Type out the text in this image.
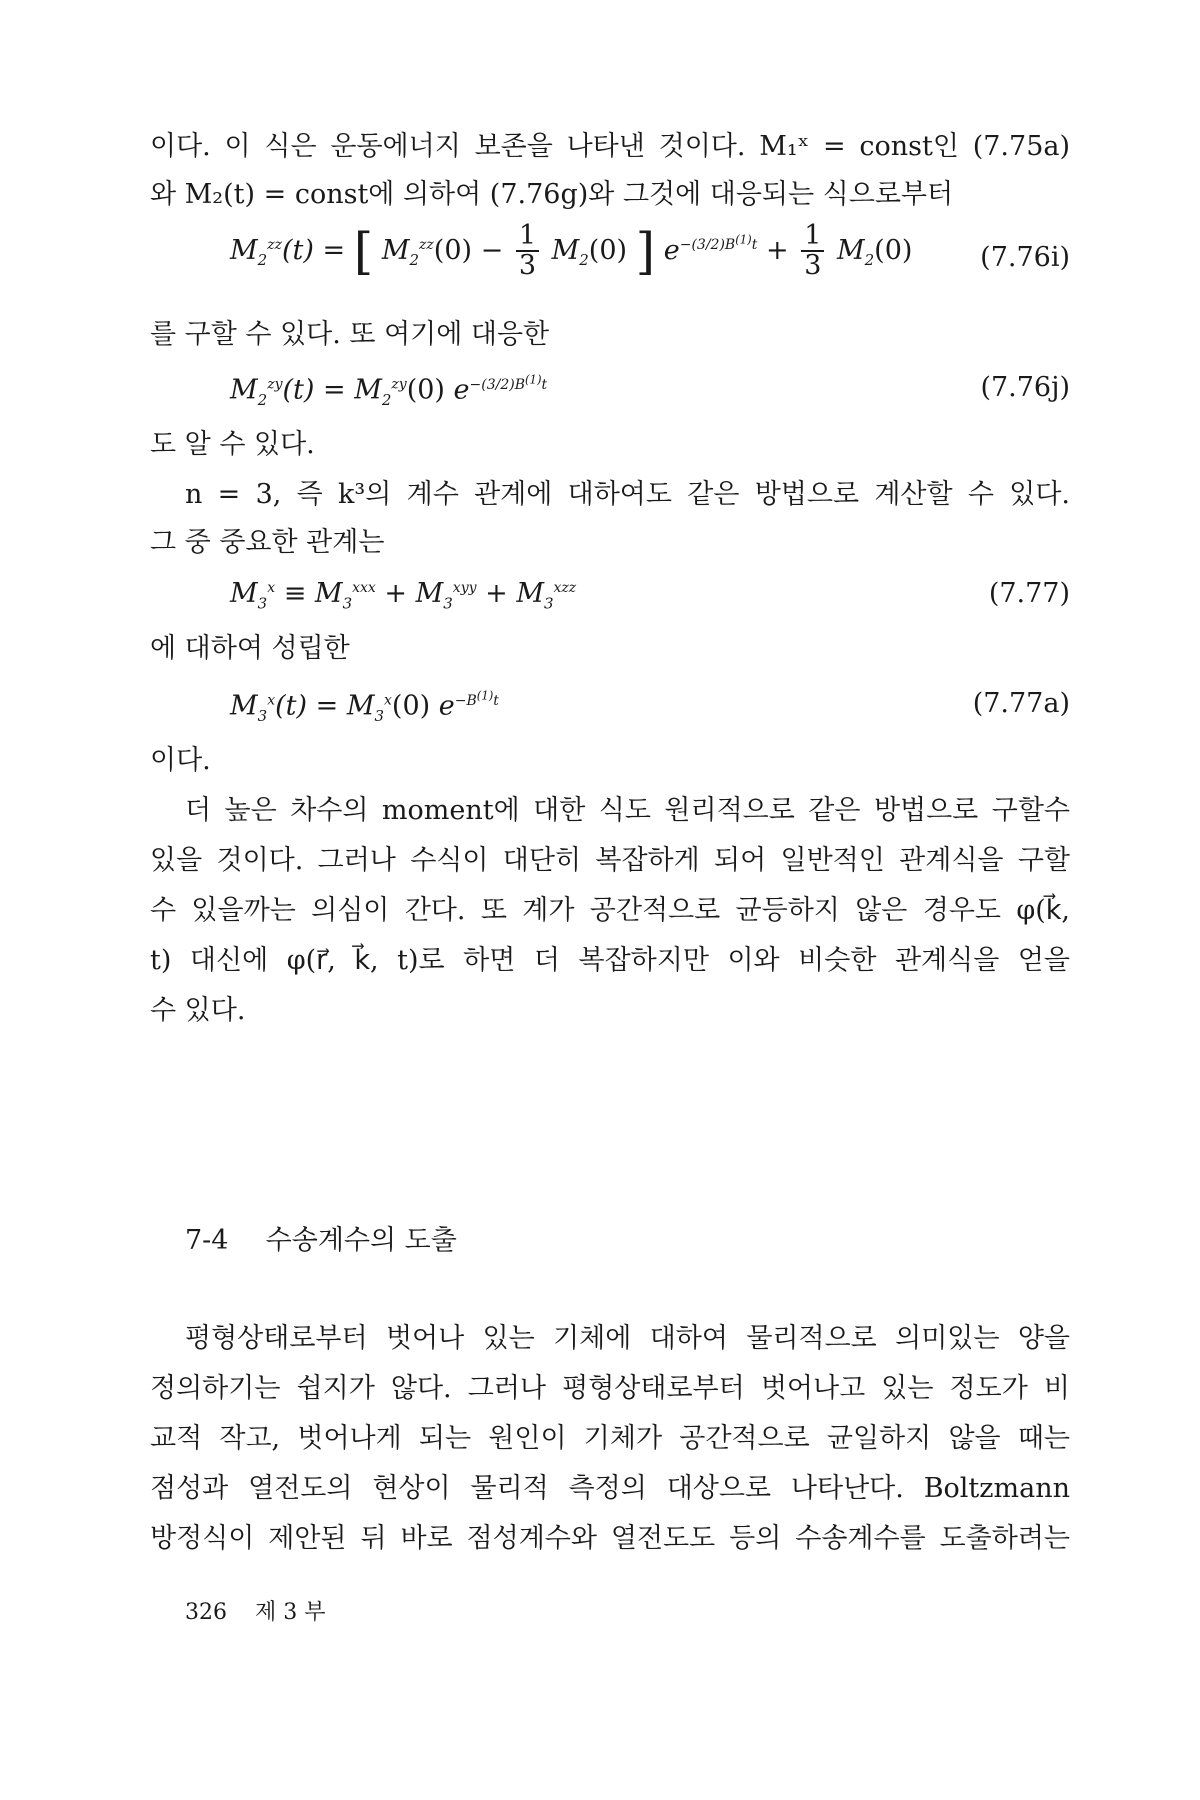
이다. 이 식은 운동에너지 보존을 나타낸 것이다. M₁ˣ = const인 (7.75a)
와 M₂(t) = const에 의하여 (7.76g)와 그것에 대응되는 식으로부터
$M_2^{zz}(t)$ = [ $M_2^{zz}(0) - \frac{1}{3} M_2(0)$ ] $e^{-(3/2)B^{(1)}t} + \frac{1}{3} M_2(0)$	(7.76i)
를 구할 수 있다. 또 여기에 대응한
$M_2^{zy}(t) = M_2^{zy}(0)$ $e^{-(3/2)B^{(1)}t}$	(7.76j)
도 알 수 있다.
n = 3, 즉 k³의 계수 관계에 대하여도 같은 방법으로 계산할 수 있다.
그 중 중요한 관계는
$M_3^x \equiv M_3^{xxx} + M_3^{xyy} + M_3^{xzz}$	(7.77)
에 대하여 성립한
$M_3^x(t) = M_3^x(0)$ $e^{-B^{(1)}t}$	(7.77a)
이다.
더 높은 차수의 moment에 대한 식도 원리적으로 같은 방법으로 구할수
있을 것이다. 그러나 수식이 대단히 복잡하게 되어 일반적인 관계식을 구할
수 있을까는 의심이 간다. 또 계가 공간적으로 균등하지 않은 경우도 φ(k⃗,
t) 대신에 φ(r⃗, k⃗, t)로 하면 더 복잡하지만 이와 비슷한 관계식을 얻을
수 있다.
7-4 수송계수의 도출
평형상태로부터 벗어나 있는 기체에 대하여 물리적으로 의미있는 양을
정의하기는 쉽지가 않다. 그러나 평형상태로부터 벗어나고 있는 정도가 비
교적 작고, 벗어나게 되는 원인이 기체가 공간적으로 균일하지 않을 때는
점성과 열전도의 현상이 물리적 측정의 대상으로 나타난다. Boltzmann
방정식이 제안된 뒤 바로 점성계수와 열전도도 등의 수송계수를 도출하려는
326 제 3 부
